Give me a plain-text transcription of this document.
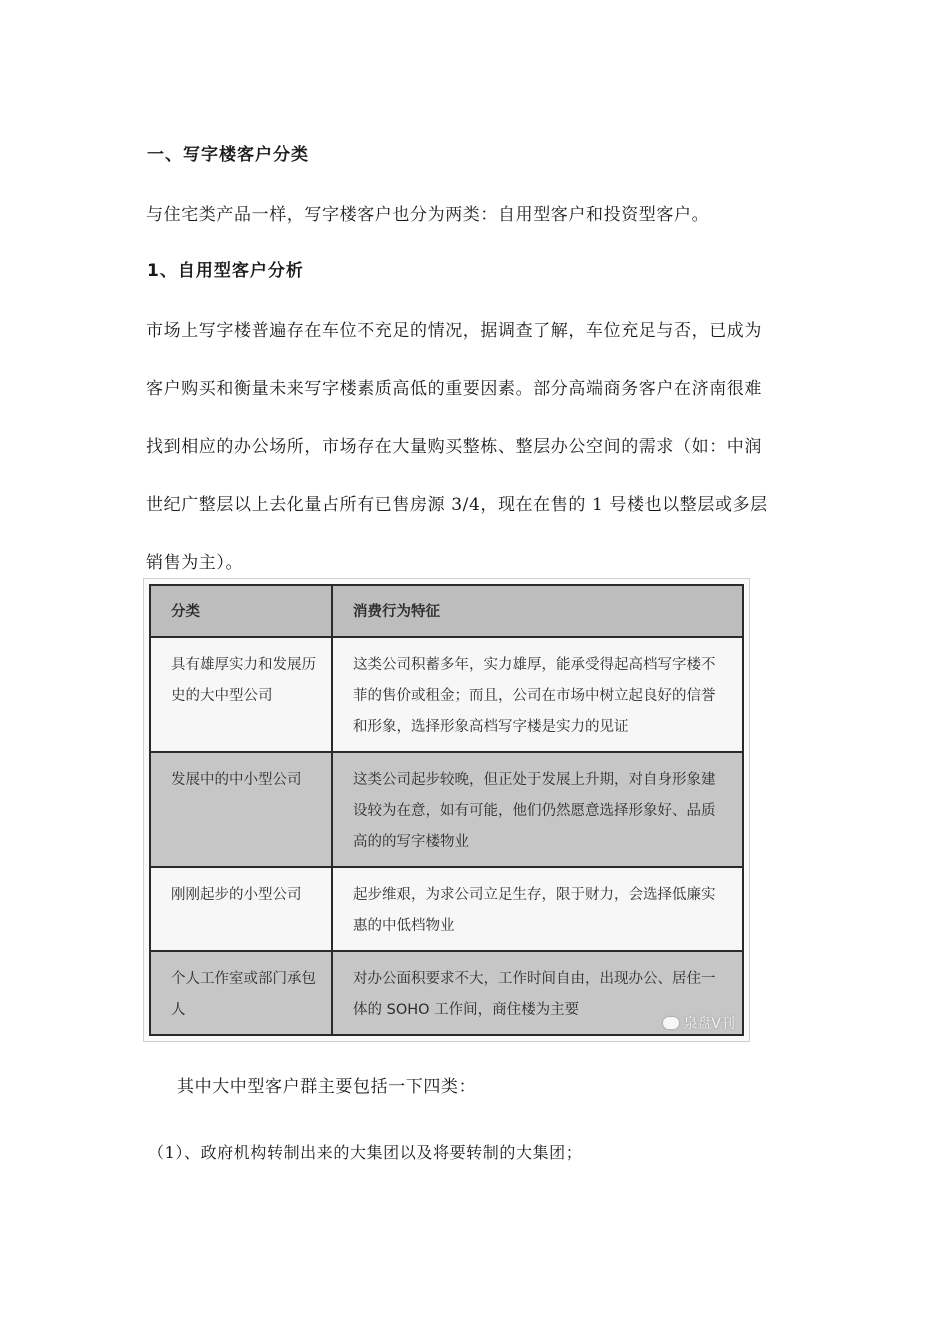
一、写字楼客户分类
与住宅类产品一样，写字楼客户也分为两类：自用型客户和投资型客户。
1、自用型客户分析
市场上写字楼普遍存在车位不充足的情况，据调查了解，车位充足与否，已成为
客户购买和衡量未来写字楼素质高低的重要因素。部分高端商务客户在济南很难
找到相应的办公场所，市场存在大量购买整栋、整层办公空间的需求（如：中润
世纪广整层以上去化量占所有已售房源 3/4，现在在售的 1 号楼也以整层或多层
销售为主）。
分类	消费行为特征
具有雄厚实力和发展历史的大中型公司	这类公司积蓄多年，实力雄厚，能承受得起高档写字楼不菲的售价或租金；而且，公司在市场中树立起良好的信誉和形象，选择形象高档写字楼是实力的见证
发展中的中小型公司	这类公司起步较晚，但正处于发展上升期，对自身形象建设较为在意，如有可能，他们仍然愿意选择形象好、品质高的的写字楼物业
刚刚起步的小型公司	起步维艰，为求公司立足生存，限于财力，会选择低廉实惠的中低档物业
个人工作室或部门承包人	对办公面积要求不大，工作时间自由，出现办公、居住一体的 SOHO 工作间，商住楼为主要
泉盘V刊
其中大中型客户群主要包括一下四类：
（1）、政府机构转制出来的大集团以及将要转制的大集团；
